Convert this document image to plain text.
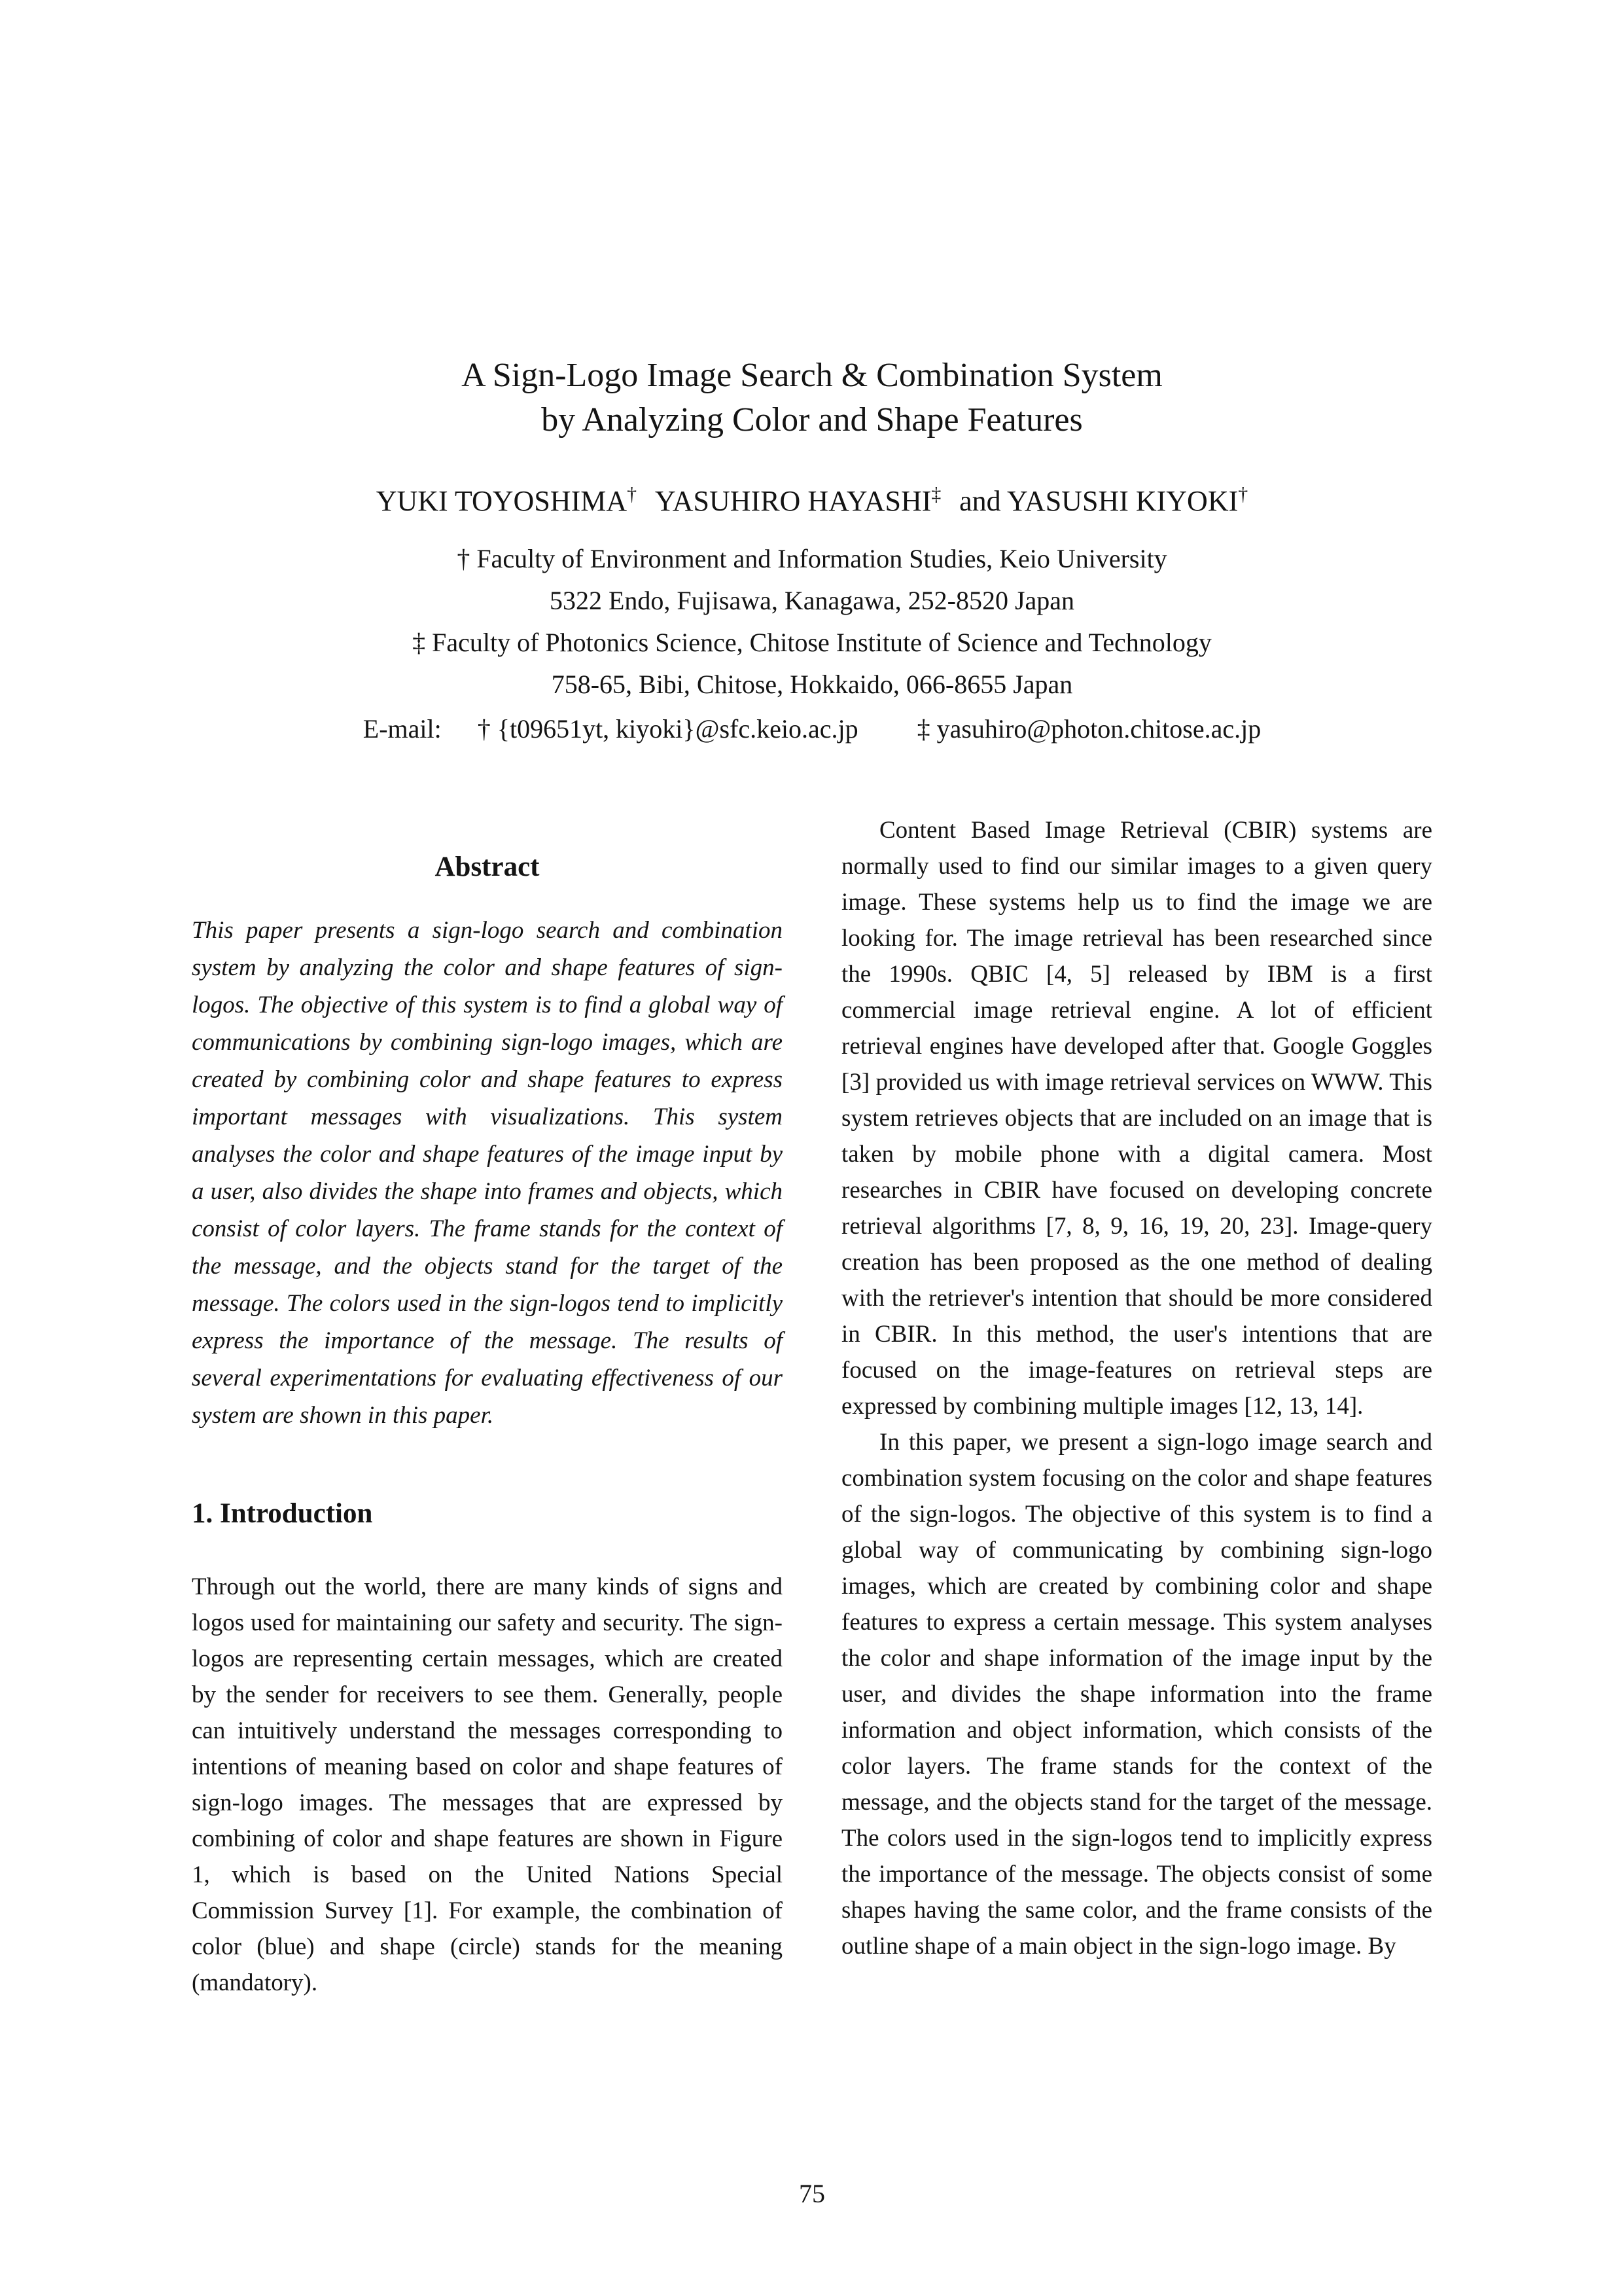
A Sign-Logo Image Search & Combination System
by Analyzing Color and Shape Features
YUKI TOYOSHIMA† YASUHIRO HAYASHI‡ and YASUSHI KIYOKI†
† Faculty of Environment and Information Studies, Keio University
5322 Endo, Fujisawa, Kanagawa, 252-8520 Japan
‡ Faculty of Photonics Science, Chitose Institute of Science and Technology
758-65, Bibi, Chitose, Hokkaido, 066-8655 Japan
E-mail: † {t09651yt, kiyoki}@sfc.keio.ac.jp ‡ yasuhiro@photon.chitose.ac.jp
Abstract

This paper presents a sign-logo search and combination system by analyzing the color and shape features of sign-logos. The objective of this system is to find a global way of communications by combining sign-logo images, which are created by combining color and shape features to express important messages with visualizations. This system analyses the color and shape features of the image input by a user, also divides the shape into frames and objects, which consist of color layers. The frame stands for the context of the message, and the objects stand for the target of the message. The colors used in the sign-logos tend to implicitly express the importance of the message. The results of several experimentations for evaluating effectiveness of our system are shown in this paper.

1. Introduction

Through out the world, there are many kinds of signs and logos used for maintaining our safety and security. The sign-logos are representing certain messages, which are created by the sender for receivers to see them. Generally, people can intuitively understand the messages corresponding to intentions of meaning based on color and shape features of sign-logo images. The messages that are expressed by combining of color and shape features are shown in Figure 1, which is based on the United Nations Special Commission Survey [1]. For example, the combination of color (blue) and shape (circle) stands for the meaning (mandatory).

Content Based Image Retrieval (CBIR) systems are normally used to find our similar images to a given query image. These systems help us to find the image we are looking for. The image retrieval has been researched since the 1990s. QBIC [4, 5] released by IBM is a first commercial image retrieval engine. A lot of efficient retrieval engines have developed after that. Google Goggles [3] provided us with image retrieval services on WWW. This system retrieves objects that are included on an image that is taken by mobile phone with a digital camera. Most researches in CBIR have focused on developing concrete retrieval algorithms [7, 8, 9, 16, 19, 20, 23]. Image-query creation has been proposed as the one method of dealing with the retriever's intention that should be more considered in CBIR. In this method, the user's intentions that are focused on the image-features on retrieval steps are expressed by combining multiple images [12, 13, 14].

In this paper, we present a sign-logo image search and combination system focusing on the color and shape features of the sign-logos. The objective of this system is to find a global way of communicating by combining sign-logo images, which are created by combining color and shape features to express a certain message. This system analyses the color and shape information of the image input by the user, and divides the shape information into the frame information and object information, which consists of the color layers. The frame stands for the context of the message, and the objects stand for the target of the message. The colors used in the sign-logos tend to implicitly express the importance of the message. The objects consist of some shapes having the same color, and the frame consists of the outline shape of a main object in the sign-logo image. By

75
